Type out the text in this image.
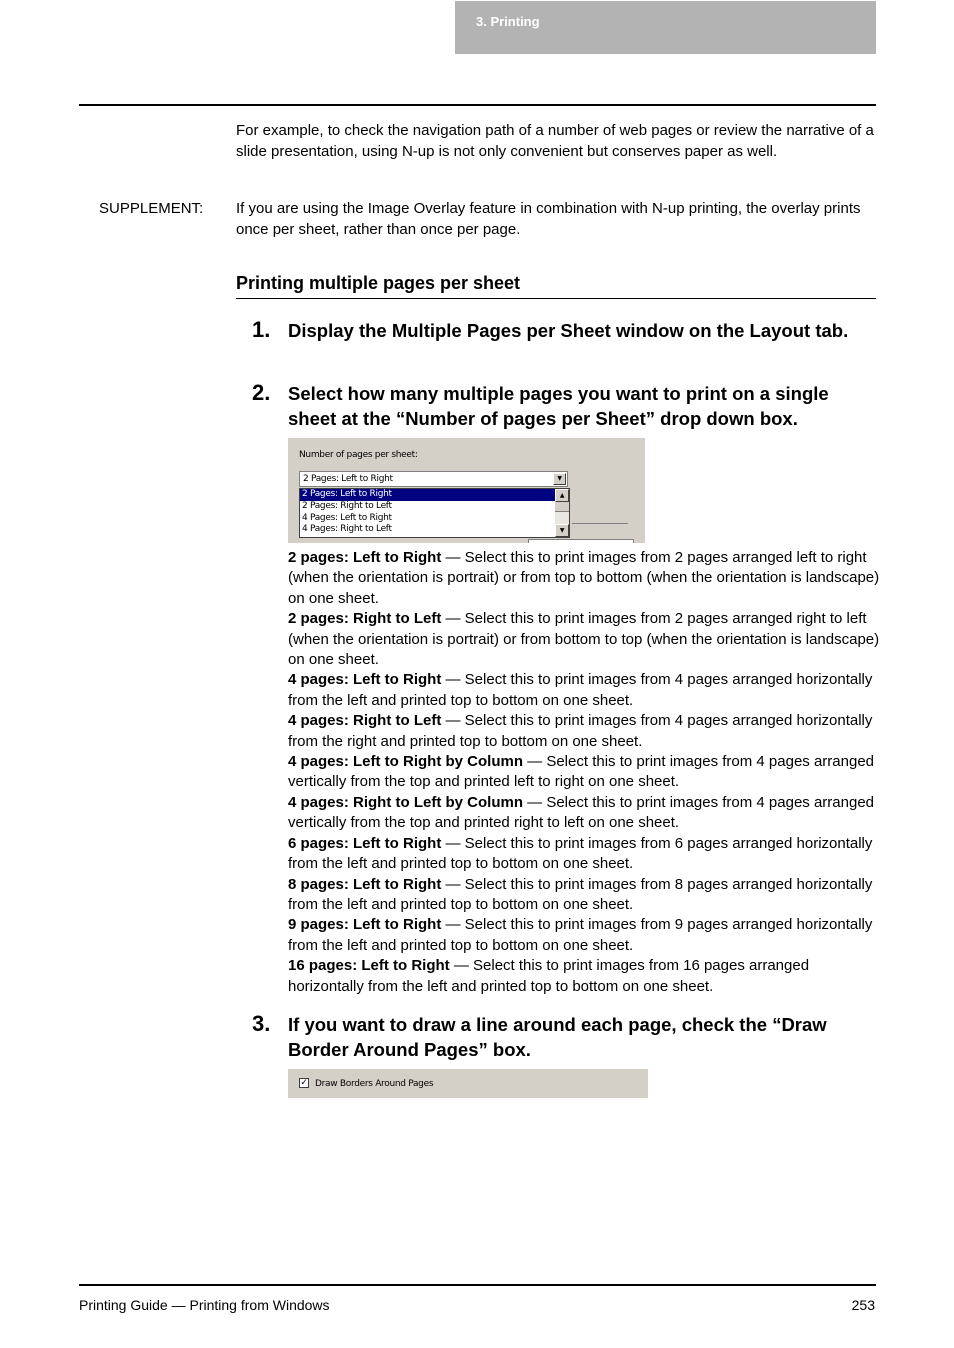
3. Printing
For example, to check the navigation path of a number of web pages or review the narrative of a slide presentation, using N-up is not only convenient but conserves paper as well.
SUPPLEMENT: If you are using the Image Overlay feature in combination with N-up printing, the overlay prints once per sheet, rather than once per page.
Printing multiple pages per sheet
1. Display the Multiple Pages per Sheet window on the Layout tab.
2. Select how many multiple pages you want to print on a single sheet at the “Number of pages per Sheet” drop down box.
Number of pages per sheet:
2 Pages: Left to Right	▼
2 Pages: Left to Right
2 Pages: Right to Left
4 Pages: Left to Right
4 Pages: Right to Left
▲
▼

2 pages: Left to Right — Select this to print images from 2 pages arranged left to right (when the orientation is portrait) or from top to bottom (when the orientation is landscape) on one sheet.

2 pages: Right to Left — Select this to print images from 2 pages arranged right to left (when the orientation is portrait) or from bottom to top (when the orientation is landscape) on one sheet.

4 pages: Left to Right — Select this to print images from 4 pages arranged horizontally from the left and printed top to bottom on one sheet.

4 pages: Right to Left — Select this to print images from 4 pages arranged horizontally from the right and printed top to bottom on one sheet.

4 pages: Left to Right by Column — Select this to print images from 4 pages arranged vertically from the top and printed left to right on one sheet.

4 pages: Right to Left by Column — Select this to print images from 4 pages arranged vertically from the top and printed right to left on one sheet.

6 pages: Left to Right — Select this to print images from 6 pages arranged horizontally from the left and printed top to bottom on one sheet.

8 pages: Left to Right — Select this to print images from 8 pages arranged horizontally from the left and printed top to bottom on one sheet.

9 pages: Left to Right — Select this to print images from 9 pages arranged horizontally from the left and printed top to bottom on one sheet.

16 pages: Left to Right — Select this to print images from 16 pages arranged horizontally from the left and printed top to bottom on one sheet.

3. If you want to draw a line around each page, check the “Draw Border Around Pages” box.
✓ Draw Borders Around Pages
Printing Guide — Printing from Windows	253
